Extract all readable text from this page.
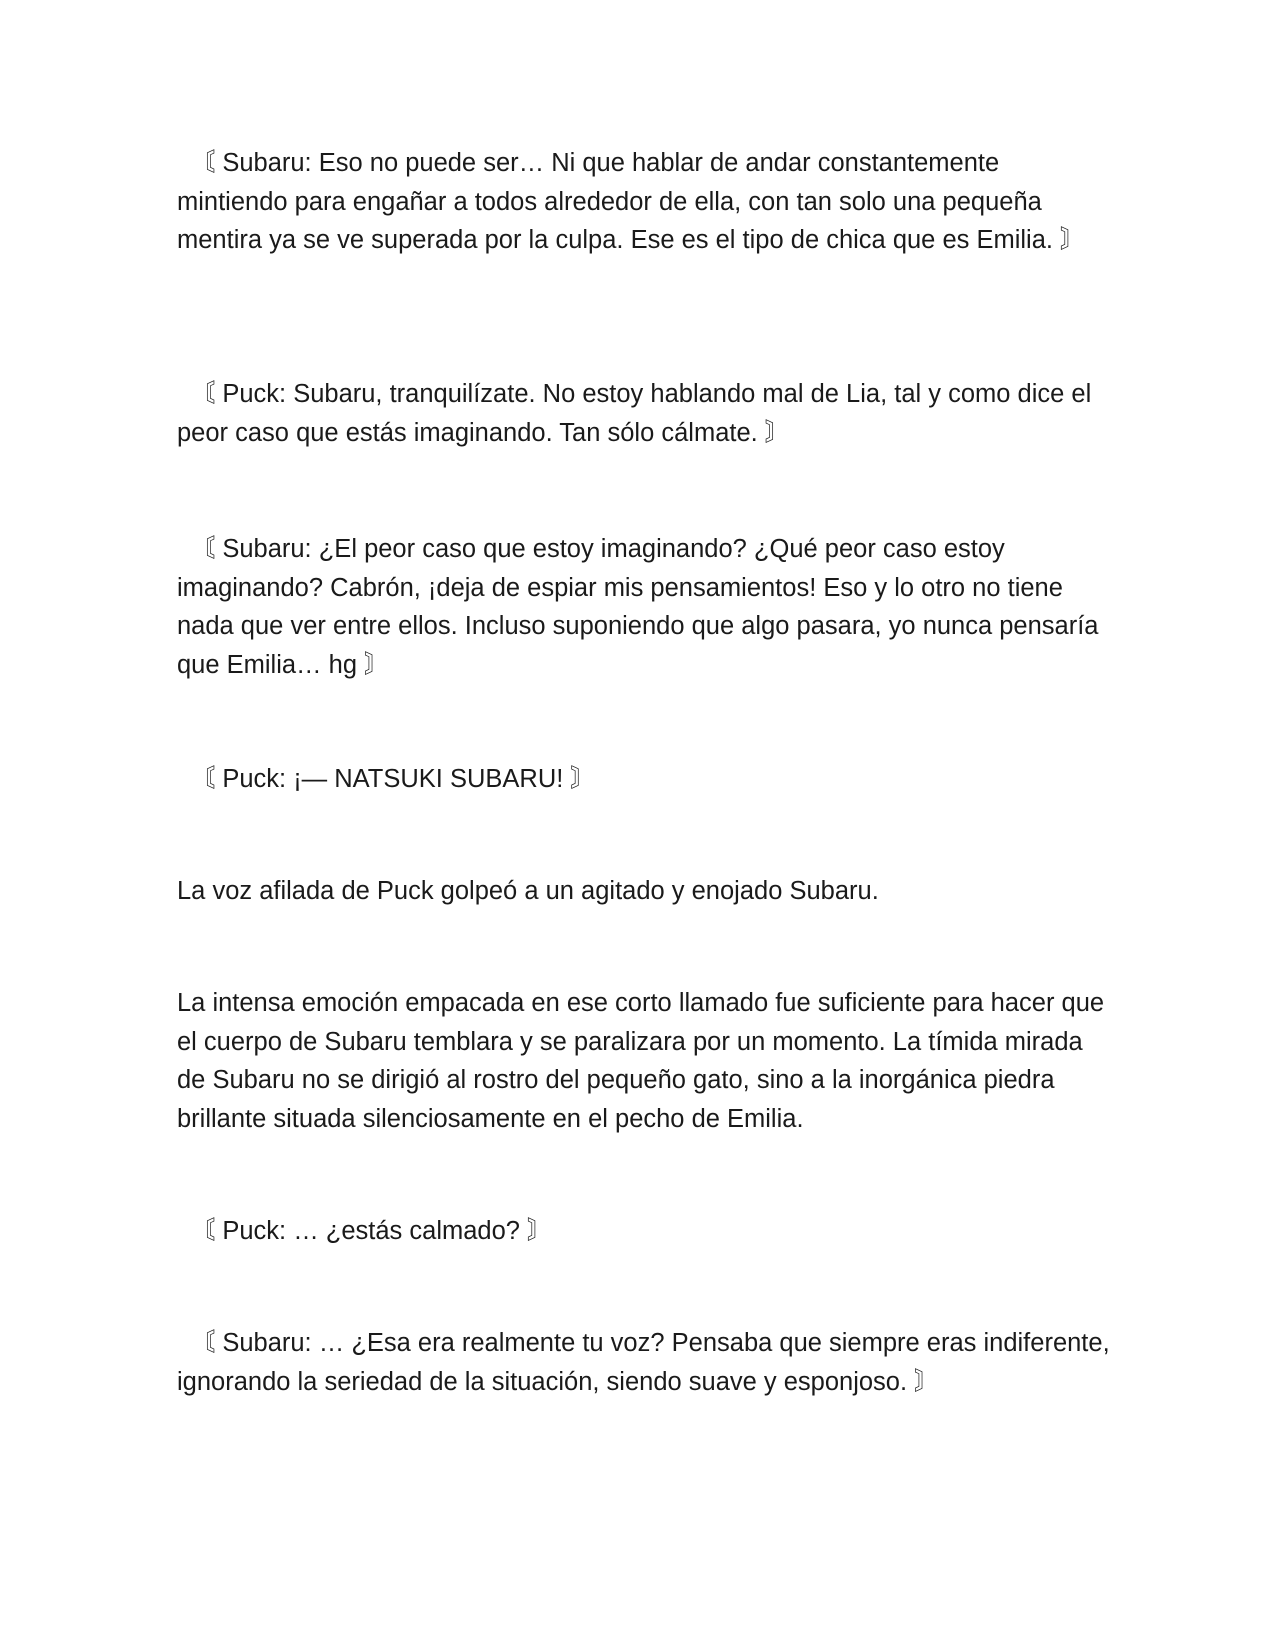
　〘 Subaru: Eso no puede ser… Ni que hablar de andar constantemente mintiendo para engañar a todos alrededor de ella, con tan solo una pequeña mentira ya se ve superada por la culpa. Ese es el tipo de chica que es Emilia. 〙

　〘 Puck: Subaru, tranquilízate. No estoy hablando mal de Lia, tal y como dice el peor caso que estás imaginando. Tan sólo cálmate. 〙

　〘 Subaru: ¿El peor caso que estoy imaginando? ¿Qué peor caso estoy imaginando? Cabrón, ¡deja de espiar mis pensamientos! Eso y lo otro no tiene nada que ver entre ellos. Incluso suponiendo que algo pasara, yo nunca pensaría que Emilia… hg 〙

　〘 Puck: ¡— NATSUKI SUBARU! 〙

La voz afilada de Puck golpeó a un agitado y enojado Subaru.

La intensa emoción empacada en ese corto llamado fue suficiente para hacer que el cuerpo de Subaru temblara y se paralizara por un momento. La tímida mirada de Subaru no se dirigió al rostro del pequeño gato, sino a la inorgánica piedra brillante situada silenciosamente en el pecho de Emilia.

　〘 Puck: … ¿estás calmado? 〙

　〘 Subaru: … ¿Esa era realmente tu voz? Pensaba que siempre eras indiferente, ignorando la seriedad de la situación, siendo suave y esponjoso. 〙
